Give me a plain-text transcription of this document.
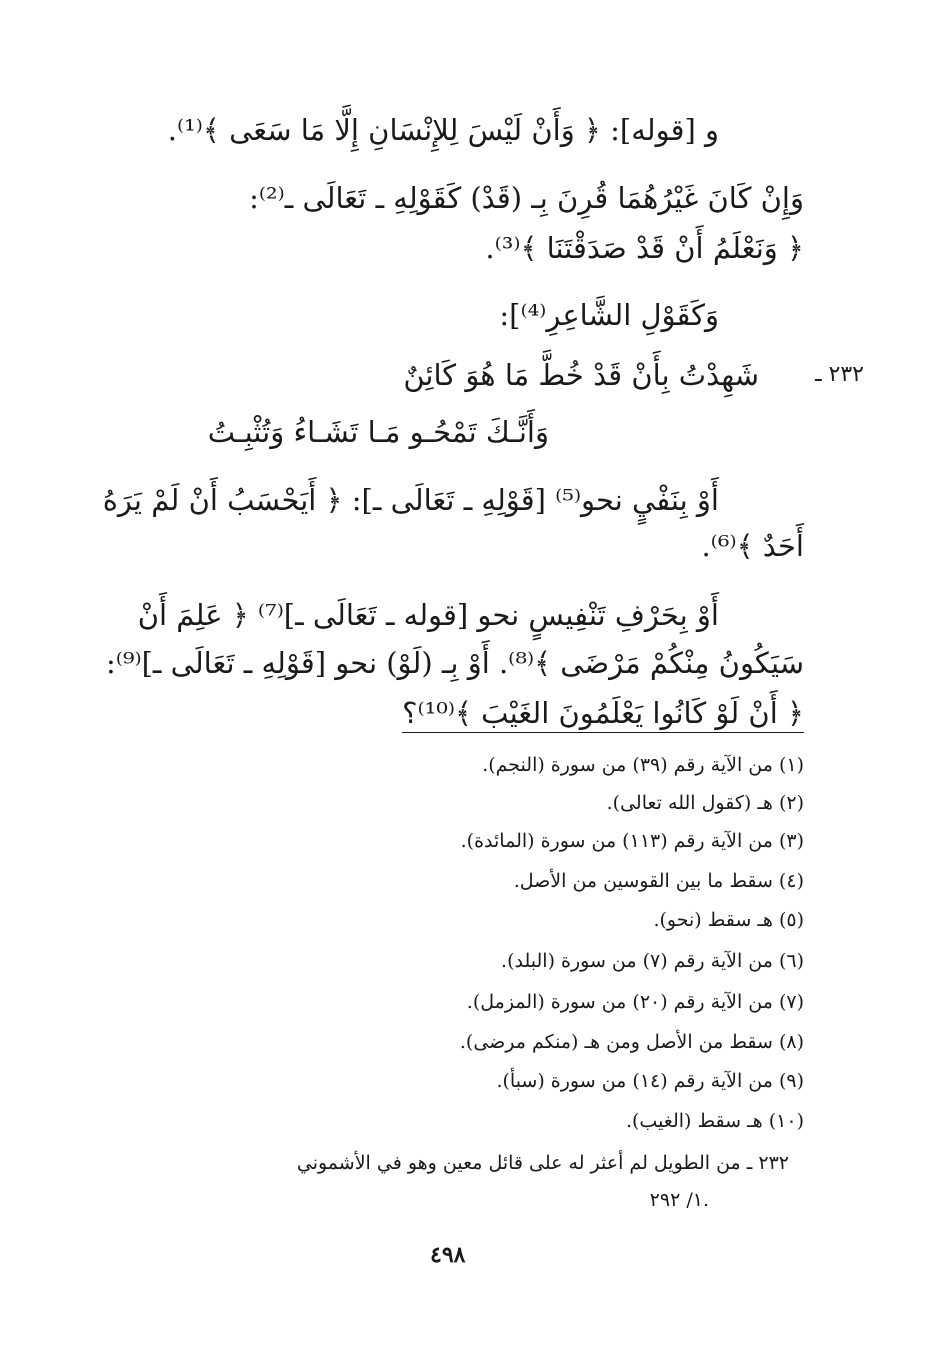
و [قوله]: ﴿ وَأَنْ لَيْسَ لِلإِنْسَانِ إِلَّا مَا سَعَى ﴾⁽¹⁾.
وَإِنْ كَانَ غَيْرُهُمَا قُرِنَ بِـ (قَدْ) كَقَوْلِهِ ـ تَعَالَى ـ⁽²⁾:
﴿ وَنَعْلَمُ أَنْ قَدْ صَدَقْتَنَا ﴾⁽³⁾.
وَكَقَوْلِ الشَّاعِرِ⁽⁴⁾]:
٢٣٢ ـ
شَهِدْتُ بِأَنْ قَدْ خُطَّ مَا هُوَ كَائِنٌ
وَأَنَّـكَ تَمْحُـو مَـا تَشَـاءُ وَتُثْبِـتُ
أَوْ بِنَفْيٍ نحو⁽⁵⁾ [قَوْلِهِ ـ تَعَالَى ـ]: ﴿ أَيَحْسَبُ أَنْ لَمْ يَرَهُ
أَحَدٌ ﴾⁽⁶⁾.
أَوْ بِحَرْفِ تَنْفِيسٍ نحو [قوله ـ تَعَالَى ـ]⁽⁷⁾ ﴿ عَلِمَ أَنْ
سَيَكُونُ مِنْكُمْ مَرْضَى ﴾⁽⁸⁾. أَوْ بِـ (لَوْ) نحو [قَوْلِهِ ـ تَعَالَى ـ]⁽⁹⁾:
﴿ أَنْ لَوْ كَانُوا يَعْلَمُونَ الغَيْبَ ﴾⁽¹⁰⁾؟
(١) من الآية رقم (٣٩) من سورة (النجم).
(٢) هـ (كقول الله تعالى).
(٣) من الآية رقم (١١٣) من سورة (المائدة).
(٤) سقط ما بين القوسين من الأصل.
(٥) هـ سقط (نحو).
(٦) من الآية رقم (٧) من سورة (البلد).
(٧) من الآية رقم (٢٠) من سورة (المزمل).
(٨) سقط من الأصل ومن هـ (منكم مرضى).
(٩) من الآية رقم (١٤) من سورة (سبأ).
(١٠) هـ سقط (الغيب).
٢٣٢ ـ من الطويل لم أعثر له على قائل معين وهو في الأشموني
١/ ٢٩٢.
٤٩٨
